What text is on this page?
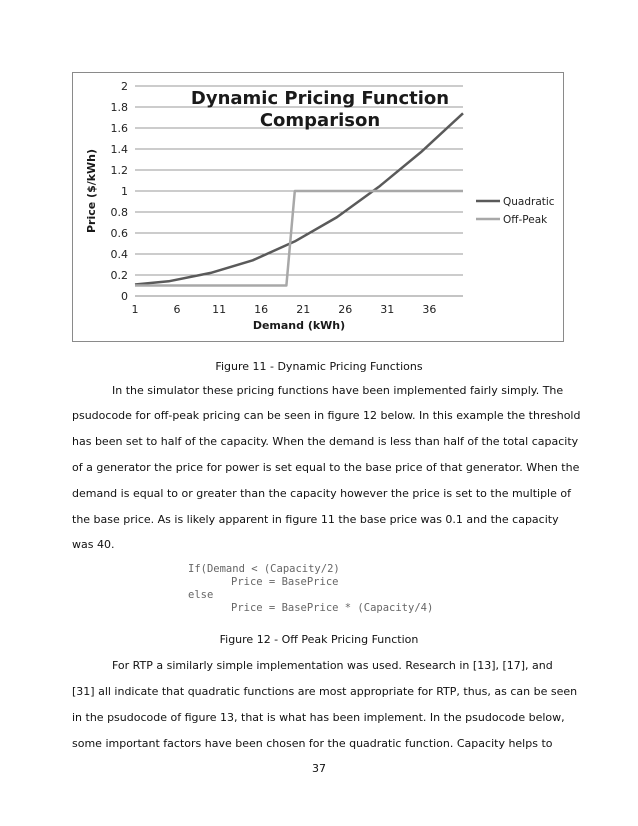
0
0.2
0.4
0.6
0.8
1
1.2
1.4
1.6
1.8
2
1	6	11	16	21	26	31	36
Dynamic Pricing Function
Comparison
Demand (kWh)
Price ($/kWh)	Quadratic
Off-Peak
Figure 11 - Dynamic Pricing Functions
In the simulator these pricing functions have been implemented fairly simply. The
psudocode for off-peak pricing can be seen in figure 12 below. In this example the threshold
has been set to half of the capacity. When the demand is less than half of the total capacity
of a generator the price for power is set equal to the base price of that generator. When the
demand is equal to or greater than the capacity however the price is set to the multiple of
the base price. As is likely apparent in figure 11 the base price was 0.1 and the capacity
was 40.
If(Demand < (Capacity/2)
Price = BasePrice
else
Price = BasePrice * (Capacity/4)
Figure 12 - Off Peak Pricing Function
For RTP a similarly simple implementation was used. Research in [13], [17], and
[31] all indicate that quadratic functions are most appropriate for RTP, thus, as can be seen
in the psudocode of figure 13, that is what has been implement. In the psudocode below,
some important factors have been chosen for the quadratic function. Capacity helps to
37
